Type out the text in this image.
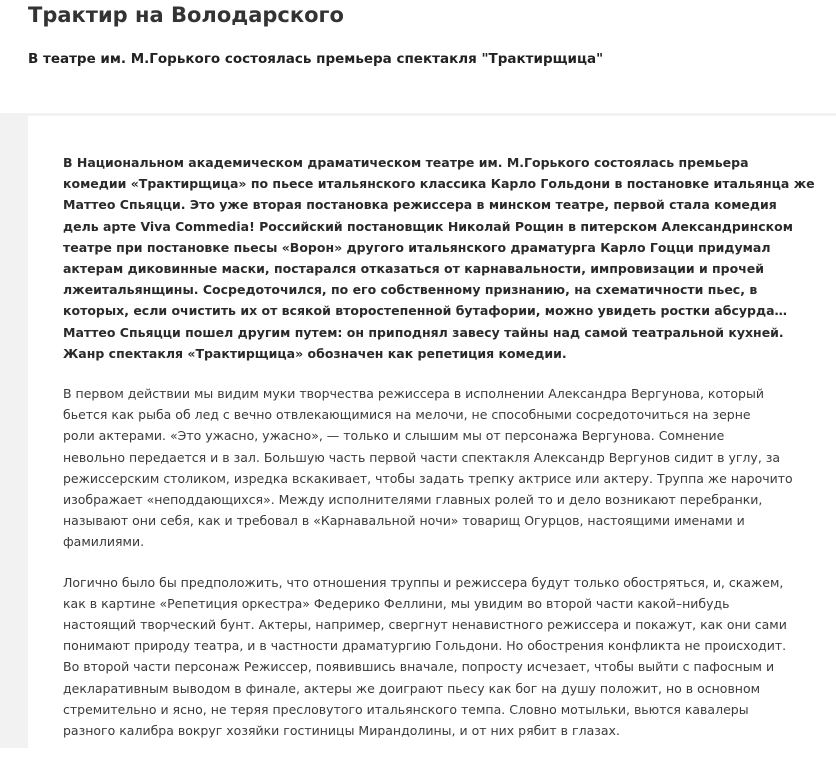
Трактир на Володарского

В театре им. М.Горького состоялась премьера спектакля "Трактирщица"

В Национальном академическом драматическом театре им. М.Горького состоялась премьера
комедии «Трактирщица» по пьесе итальянского классика Карло Гольдони в постановке итальянца же
Маттео Спьяцци. Это уже вторая постановка режиссера в минском театре, первой стала комедия
дель арте Viva Commedia! Российский постановщик Николай Рощин в питерском Александринском
театре при постановке пьесы «Ворон» другого итальянского драматурга Карло Гоцци придумал
актерам диковинные маски, постарался отказаться от карнавальности, импровизации и прочей
лжеитальянщины. Сосредоточился, по его собственному признанию, на схематичности пьес, в
которых, если очистить их от всякой второстепенной бутафории, можно увидеть ростки абсурда…
Маттео Спьяцци пошел другим путем: он приподнял завесу тайны над самой театральной кухней.
Жанр спектакля «Трактирщица» обозначен как репетиция комедии.

В первом действии мы видим муки творчества режиссера в исполнении Александра Вергунова, который
бьется как рыба об лед с вечно отвлекающимися на мелочи, не способными сосредоточиться на зерне
роли актерами. «Это ужасно, ужасно», — только и слышим мы от персонажа Вергунова. Сомнение
невольно передается и в зал. Большую часть первой части спектакля Александр Вергунов сидит в углу, за
режиссерским столиком, изредка вскакивает, чтобы задать трепку актрисе или актеру. Труппа же нарочито
изображает «неподдающихся». Между исполнителями главных ролей то и дело возникают перебранки,
называют они себя, как и требовал в «Карнавальной ночи» товарищ Огурцов, настоящими именами и
фамилиями.

Логично было бы предположить, что отношения труппы и режиссера будут только обостряться, и, скажем,
как в картине «Репетиция оркестра» Федерико Феллини, мы увидим во второй части какой–нибудь
настоящий творческий бунт. Актеры, например, свергнут ненавистного режиссера и покажут, как они сами
понимают природу театра, и в частности драматургию Гольдони. Но обострения конфликта не происходит.
Во второй части персонаж Режиссер, появившись вначале, попросту исчезает, чтобы выйти с пафосным и
декларативным выводом в финале, актеры же доиграют пьесу как бог на душу положит, но в основном
стремительно и ясно, не теряя пресловутого итальянского темпа. Словно мотыльки, вьются кавалеры
разного калибра вокруг хозяйки гостиницы Мирандолины, и от них рябит в глазах.
